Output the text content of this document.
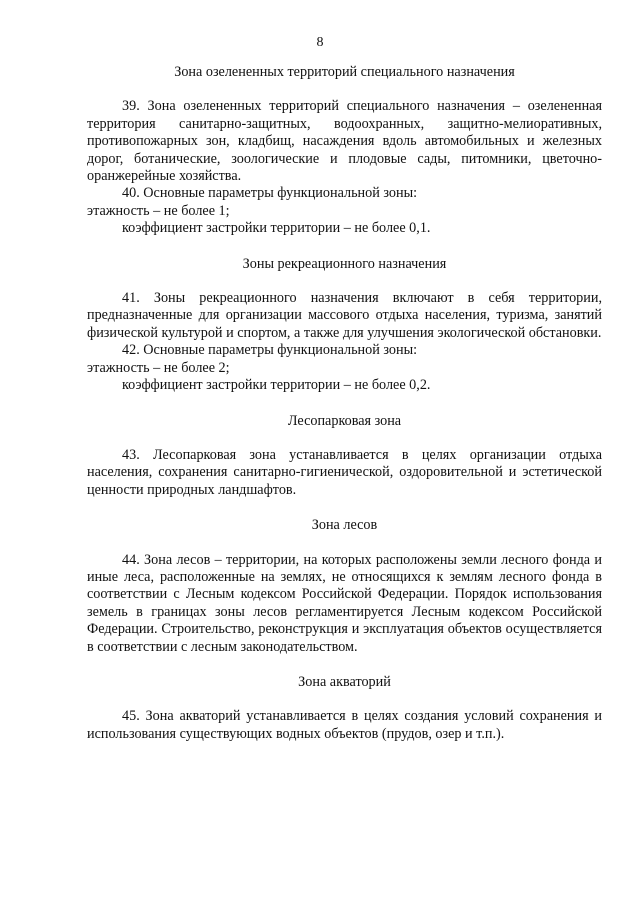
8

Зона озелененных территорий специального назначения

39. Зона озелененных территорий специального назначения – озелененная территория санитарно-защитных, водоохранных, защитно-мелиоративных, противопожарных зон, кладбищ, насаждения вдоль автомобильных и железных дорог, ботанические, зоологические и плодовые сады, питомники, цветочно-оранжерейные хозяйства.

40. Основные параметры функциональной зоны:

этажность – не более 1;

коэффициент застройки территории – не более 0,1.

Зоны рекреационного назначения

41. Зоны рекреационного назначения включают в себя территории, предназначенные для организации массового отдыха населения, туризма, занятий физической культурой и спортом, а также для улучшения экологической обстановки.

42. Основные параметры функциональной зоны:

этажность – не более 2;

коэффициент застройки территории – не более 0,2.

Лесопарковая зона

43. Лесопарковая зона устанавливается в целях организации отдыха населения, сохранения санитарно-гигиенической, оздоровительной и эстетической ценности природных ландшафтов.

Зона лесов

44. Зона лесов – территории, на которых расположены земли лесного фонда и иные леса, расположенные на землях, не относящихся к землям лесного фонда в соответствии с Лесным кодексом Российской Федерации. Порядок использования земель в границах зоны лесов регламентируется Лесным кодексом Российской Федерации. Строительство, реконструкция и эксплуатация объектов осуществляется в соответствии с лесным законодательством.

Зона акваторий

45. Зона акваторий устанавливается в целях создания условий сохранения и использования существующих водных объектов (прудов, озер и т.п.).
